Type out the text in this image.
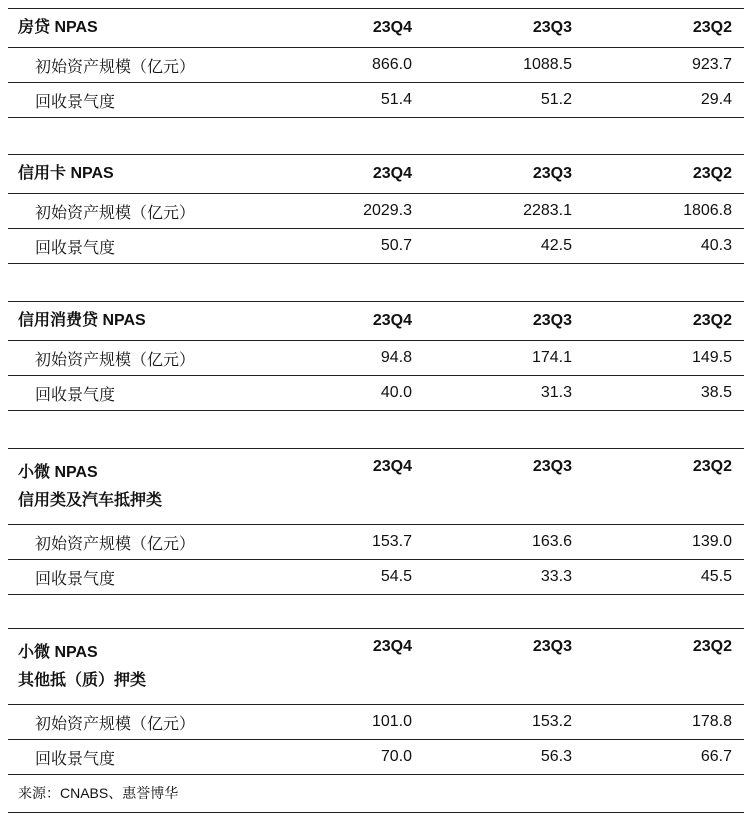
房贷 NPAS	23Q4	23Q3	23Q2
初始资产规模（亿元）	866.0	1088.5	923.7
回收景气度	51.4	51.2	29.4
信用卡 NPAS	23Q4	23Q3	23Q2
初始资产规模（亿元）	2029.3	2283.1	1806.8
回收景气度	50.7	42.5	40.3
信用消费贷 NPAS	23Q4	23Q3	23Q2
初始资产规模（亿元）	94.8	174.1	149.5
回收景气度	40.0	31.3	38.5
小微 NPAS
信用类及汽车抵押类	23Q4	23Q3	23Q2
初始资产规模（亿元）	153.7	163.6	139.0
回收景气度	54.5	33.3	45.5
小微 NPAS
其他抵（质）押类	23Q4	23Q3	23Q2
初始资产规模（亿元）	101.0	153.2	178.8
回收景气度	70.0	56.3	66.7
来源：CNABS、惠誉博华
